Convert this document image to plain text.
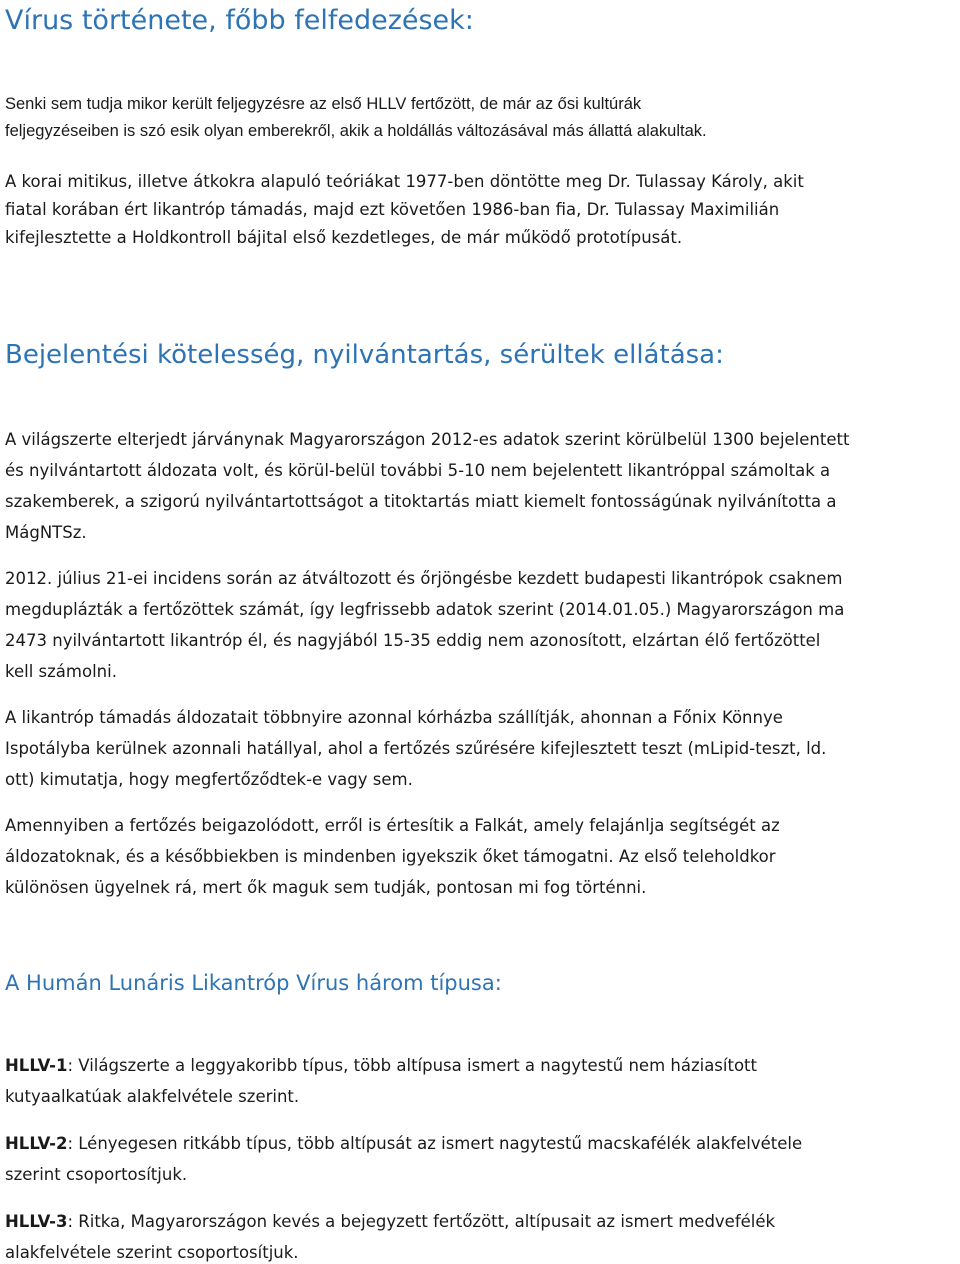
Vírus története, főbb felfedezések:
Senki sem tudja mikor került feljegyzésre az első HLLV fertőzött, de már az ősi kultúrák
feljegyzéseiben is szó esik olyan emberekről, akik a holdállás változásával más állattá alakultak.
A korai mitikus, illetve átkokra alapuló teóriákat 1977-ben döntötte meg Dr. Tulassay Károly, akit
fiatal korában ért likantróp támadás, majd ezt követően 1986-ban fia, Dr. Tulassay Maximilián
kifejlesztette a Holdkontroll bájital első kezdetleges, de már működő prototípusát.
Bejelentési kötelesség, nyilvántartás, sérültek ellátása:
A világszerte elterjedt járványnak Magyarországon 2012-es adatok szerint körülbelül 1300 bejelentett
és nyilvántartott áldozata volt, és körül-belül további 5-10 nem bejelentett likantróppal számoltak a
szakemberek, a szigorú nyilvántartottságot a titoktartás miatt kiemelt fontosságúnak nyilvánította a
MágNTSz.
2012. július 21-ei incidens során az átváltozott és őrjöngésbe kezdett budapesti likantrópok csaknem
megduplázták a fertőzöttek számát, így legfrissebb adatok szerint (2014.01.05.) Magyarországon ma
2473 nyilvántartott likantróp él, és nagyjából 15-35 eddig nem azonosított, elzártan élő fertőzöttel
kell számolni.
A likantróp támadás áldozatait többnyire azonnal kórházba szállítják, ahonnan a Főnix Könnye
Ispotályba kerülnek azonnali hatállyal, ahol a fertőzés szűrésére kifejlesztett teszt (mLipid-teszt, ld.
ott) kimutatja, hogy megfertőződtek-e vagy sem.
Amennyiben a fertőzés beigazolódott, erről is értesítik a Falkát, amely felajánlja segítségét az
áldozatoknak, és a későbbiekben is mindenben igyekszik őket támogatni. Az első teleholdkor
különösen ügyelnek rá, mert ők maguk sem tudják, pontosan mi fog történni.
A Humán Lunáris Likantróp Vírus három típusa:
HLLV-1: Világszerte a leggyakoribb típus, több altípusa ismert a nagytestű nem háziasított
kutyaalkatúak alakfelvétele szerint.
HLLV-2: Lényegesen ritkább típus, több altípusát az ismert nagytestű macskafélék alakfelvétele
szerint csoportosítjuk.
HLLV-3: Ritka, Magyarországon kevés a bejegyzett fertőzött, altípusait az ismert medvefélék
alakfelvétele szerint csoportosítjuk.
